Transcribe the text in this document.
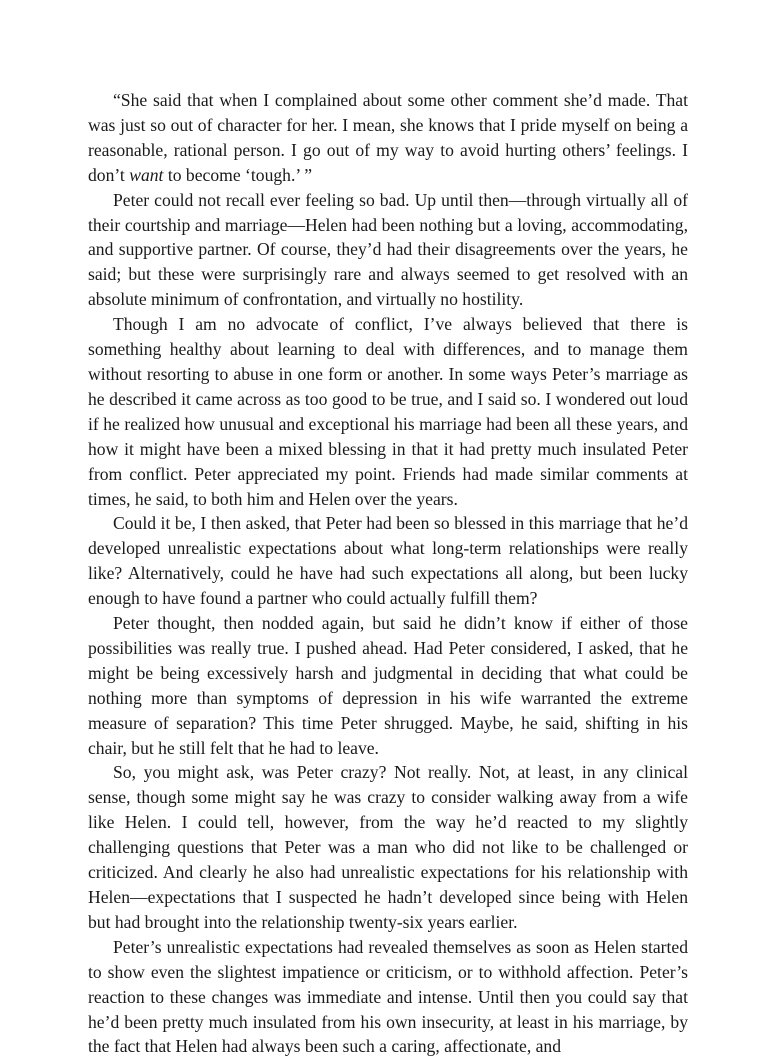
“She said that when I complained about some other comment she’d made. That was just so out of character for her. I mean, she knows that I pride myself on being a reasonable, rational person. I go out of my way to avoid hurting others’ feelings. I don’t want to become ‘tough.’ ”

Peter could not recall ever feeling so bad. Up until then—through virtually all of their courtship and marriage—Helen had been nothing but a loving, accommodating, and supportive partner. Of course, they’d had their disagreements over the years, he said; but these were surprisingly rare and always seemed to get resolved with an absolute minimum of confrontation, and virtually no hostility.

Though I am no advocate of conflict, I’ve always believed that there is something healthy about learning to deal with differences, and to manage them without resorting to abuse in one form or another. In some ways Peter’s marriage as he described it came across as too good to be true, and I said so. I wondered out loud if he realized how unusual and exceptional his marriage had been all these years, and how it might have been a mixed blessing in that it had pretty much insulated Peter from conflict. Peter appreciated my point. Friends had made similar comments at times, he said, to both him and Helen over the years.

Could it be, I then asked, that Peter had been so blessed in this marriage that he’d developed unrealistic expectations about what long-term relationships were really like? Alternatively, could he have had such expectations all along, but been lucky enough to have found a partner who could actually fulfill them?

Peter thought, then nodded again, but said he didn’t know if either of those possibilities was really true. I pushed ahead. Had Peter considered, I asked, that he might be being excessively harsh and judgmental in deciding that what could be nothing more than symptoms of depression in his wife warranted the extreme measure of separation? This time Peter shrugged. Maybe, he said, shifting in his chair, but he still felt that he had to leave.

So, you might ask, was Peter crazy? Not really. Not, at least, in any clinical sense, though some might say he was crazy to consider walking away from a wife like Helen. I could tell, however, from the way he’d reacted to my slightly challenging questions that Peter was a man who did not like to be challenged or criticized. And clearly he also had unrealistic expectations for his relationship with Helen—expectations that I suspected he hadn’t developed since being with Helen but had brought into the relationship twenty-six years earlier.

Peter’s unrealistic expectations had revealed themselves as soon as Helen started to show even the slightest impatience or criticism, or to withhold affection. Peter’s reaction to these changes was immediate and intense. Until then you could say that he’d been pretty much insulated from his own insecurity, at least in his marriage, by the fact that Helen had always been such a caring, affectionate, and
